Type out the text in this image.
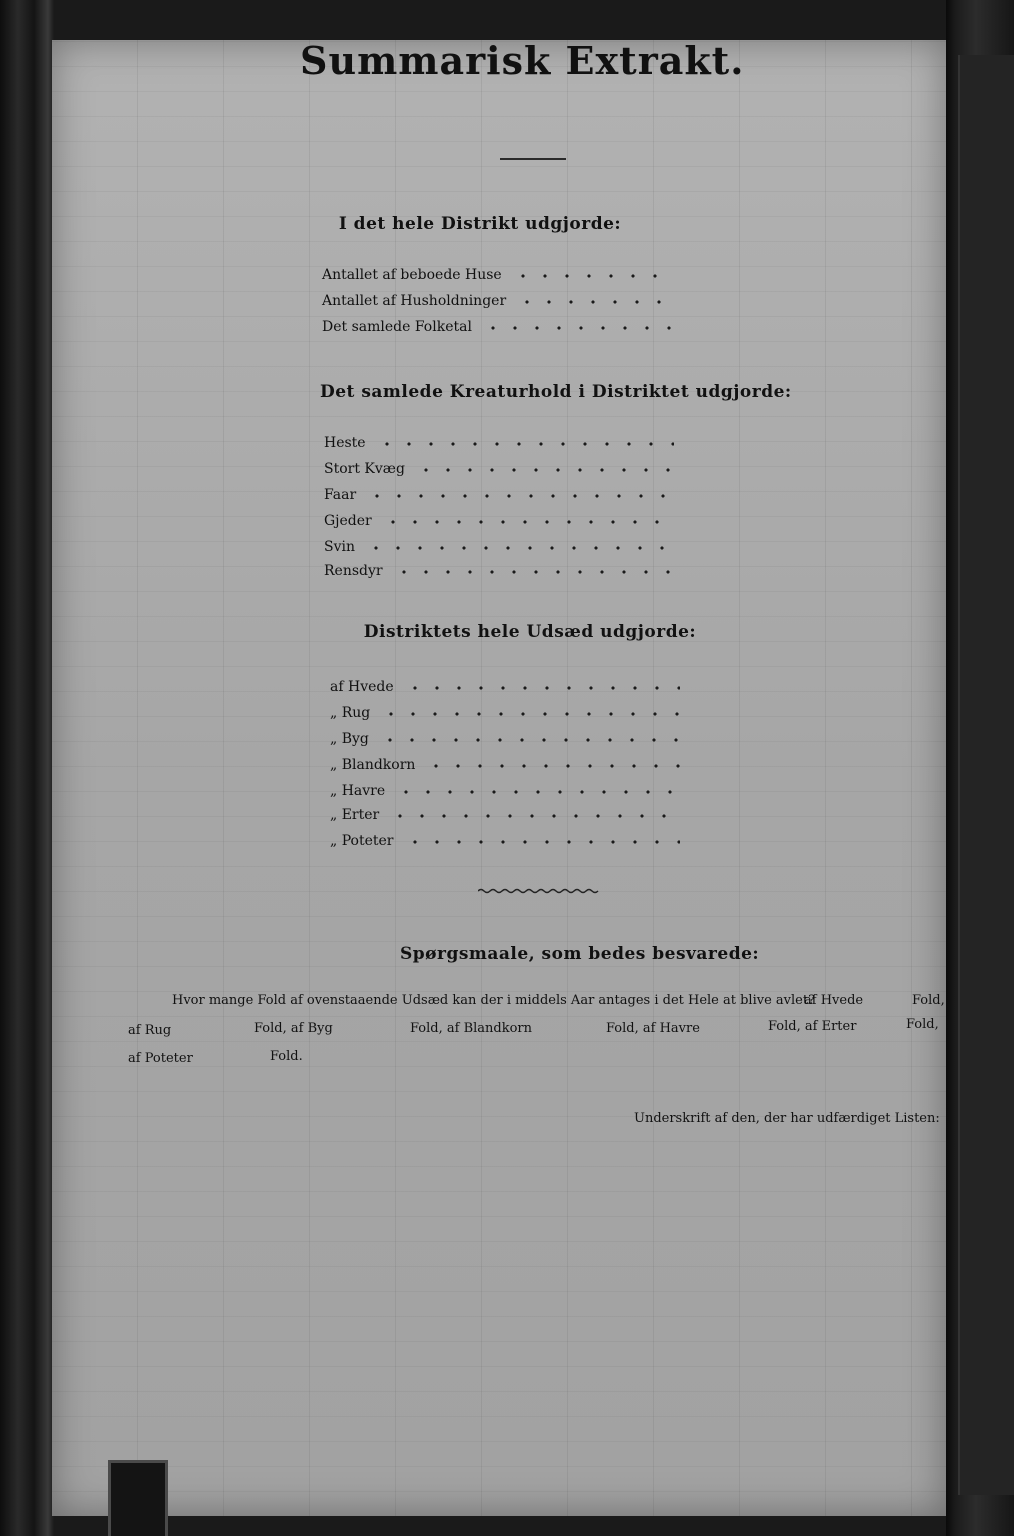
Summarisk Extrakt.
I det hele Distrikt udgjorde:
Antallet af beboede Huse
Antallet af Husholdninger
Det samlede Folketal
Det samlede Kreaturhold i Distriktet udgjorde:
Heste
Stort Kvæg
Faar
Gjeder
Svin
Rensdyr
Distriktets hele Udsæd udgjorde:
af Hvede
„ Rug
„ Byg
„ Blandkorn
„ Havre
„ Erter
„ Poteter
Spørgsmaale, som bedes besvarede:
Hvor mange Fold af ovenstaaende Udsæd kan der i middels Aar antages i det Hele at blive avlet?
af Hvede	Fold,
af Rug	Fold, af Byg	Fold, af Blandkorn	Fold, af Havre	Fold, af Erter	Fold,
af Poteter	Fold.
Underskrift af den, der har udfærdiget Listen:
